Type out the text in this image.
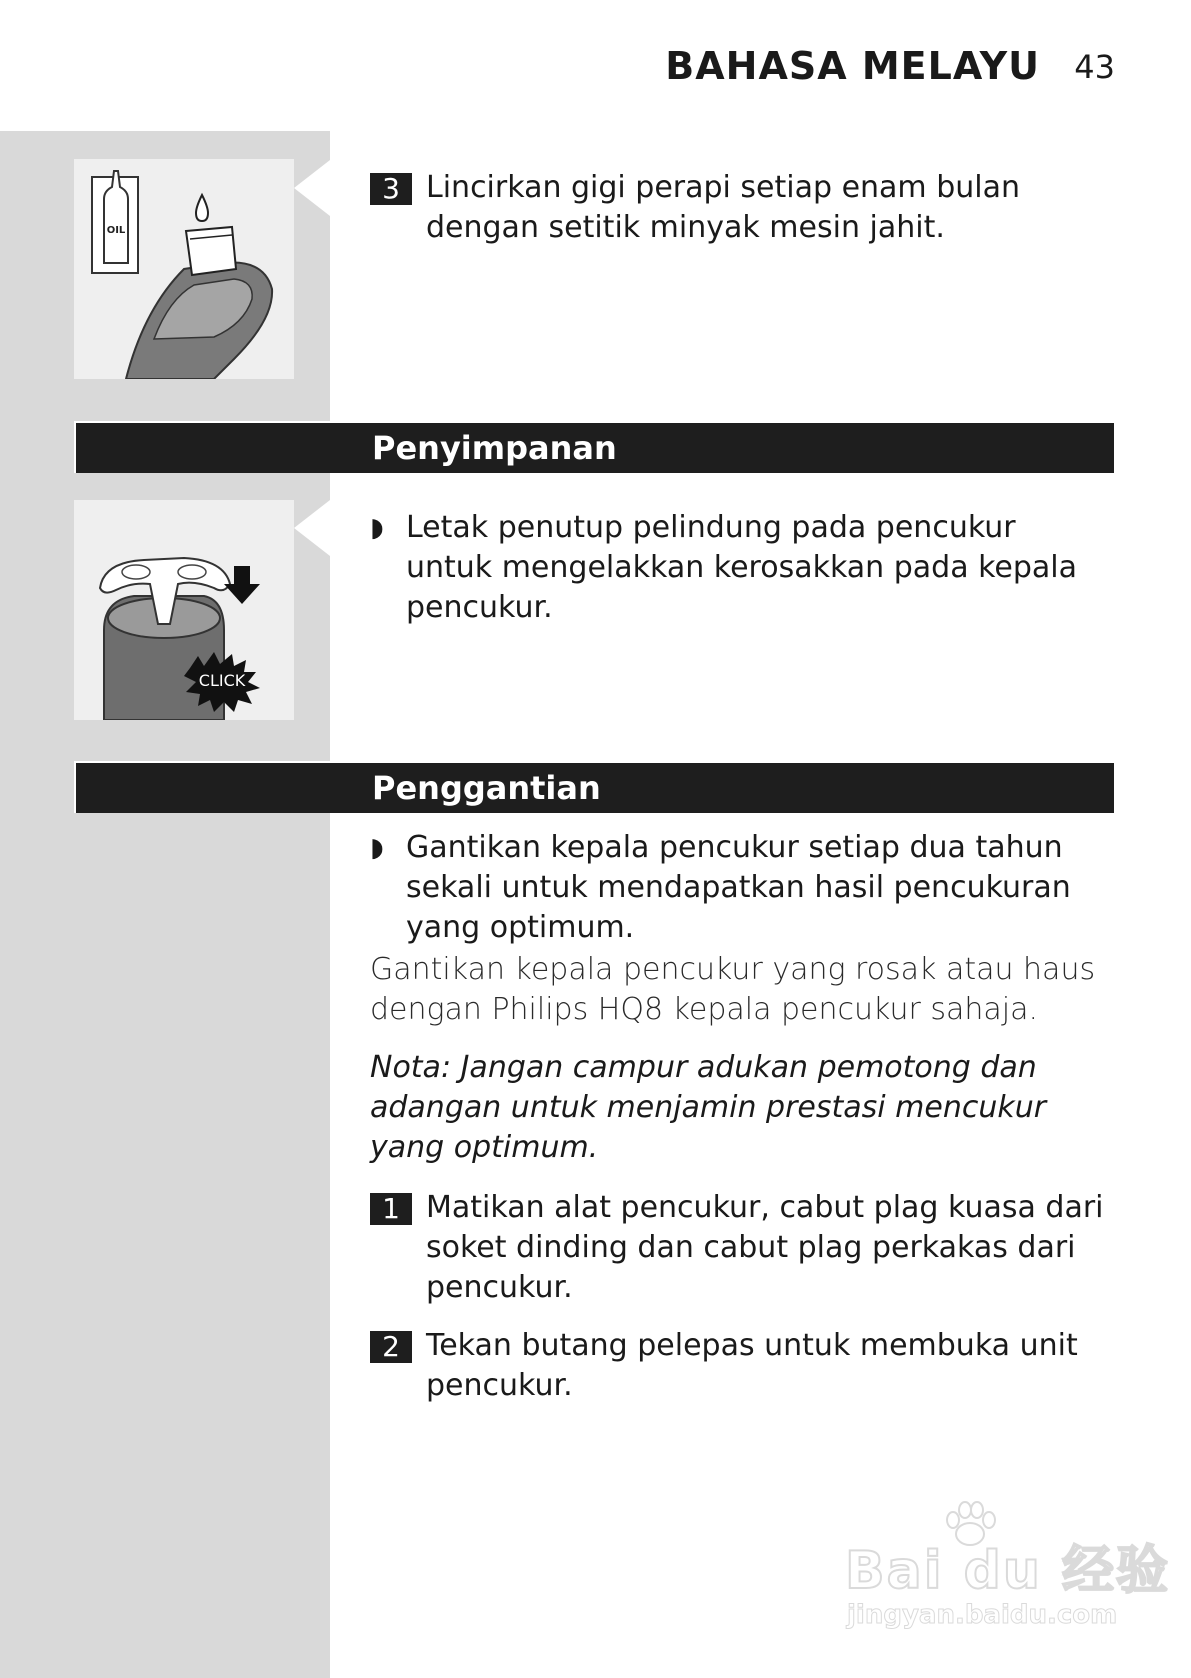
BAHASA MELAYU 43
OIL
3 Lincirkan gigi perapi setiap enam bulan dengan setitik minyak mesin jahit.
Penyimpanan
CLICK
◗ Letak penutup pelindung pada pencukur untuk mengelakkan kerosakkan pada kepala pencukur.
Penggantian
◗ Gantikan kepala pencukur setiap dua tahun sekali untuk mendapatkan hasil pencukuran yang optimum.
Gantikan kepala pencukur yang rosak atau haus dengan Philips HQ8 kepala pencukur sahaja.
Nota: Jangan campur adukan pemotong dan adangan untuk menjamin prestasi mencukur yang optimum.
1 Matikan alat pencukur, cabut plag kuasa dari soket dinding dan cabut plag perkakas dari pencukur.
2 Tekan butang pelepas untuk membuka unit pencukur.
Bai du 经验
jingyan.baidu.com
